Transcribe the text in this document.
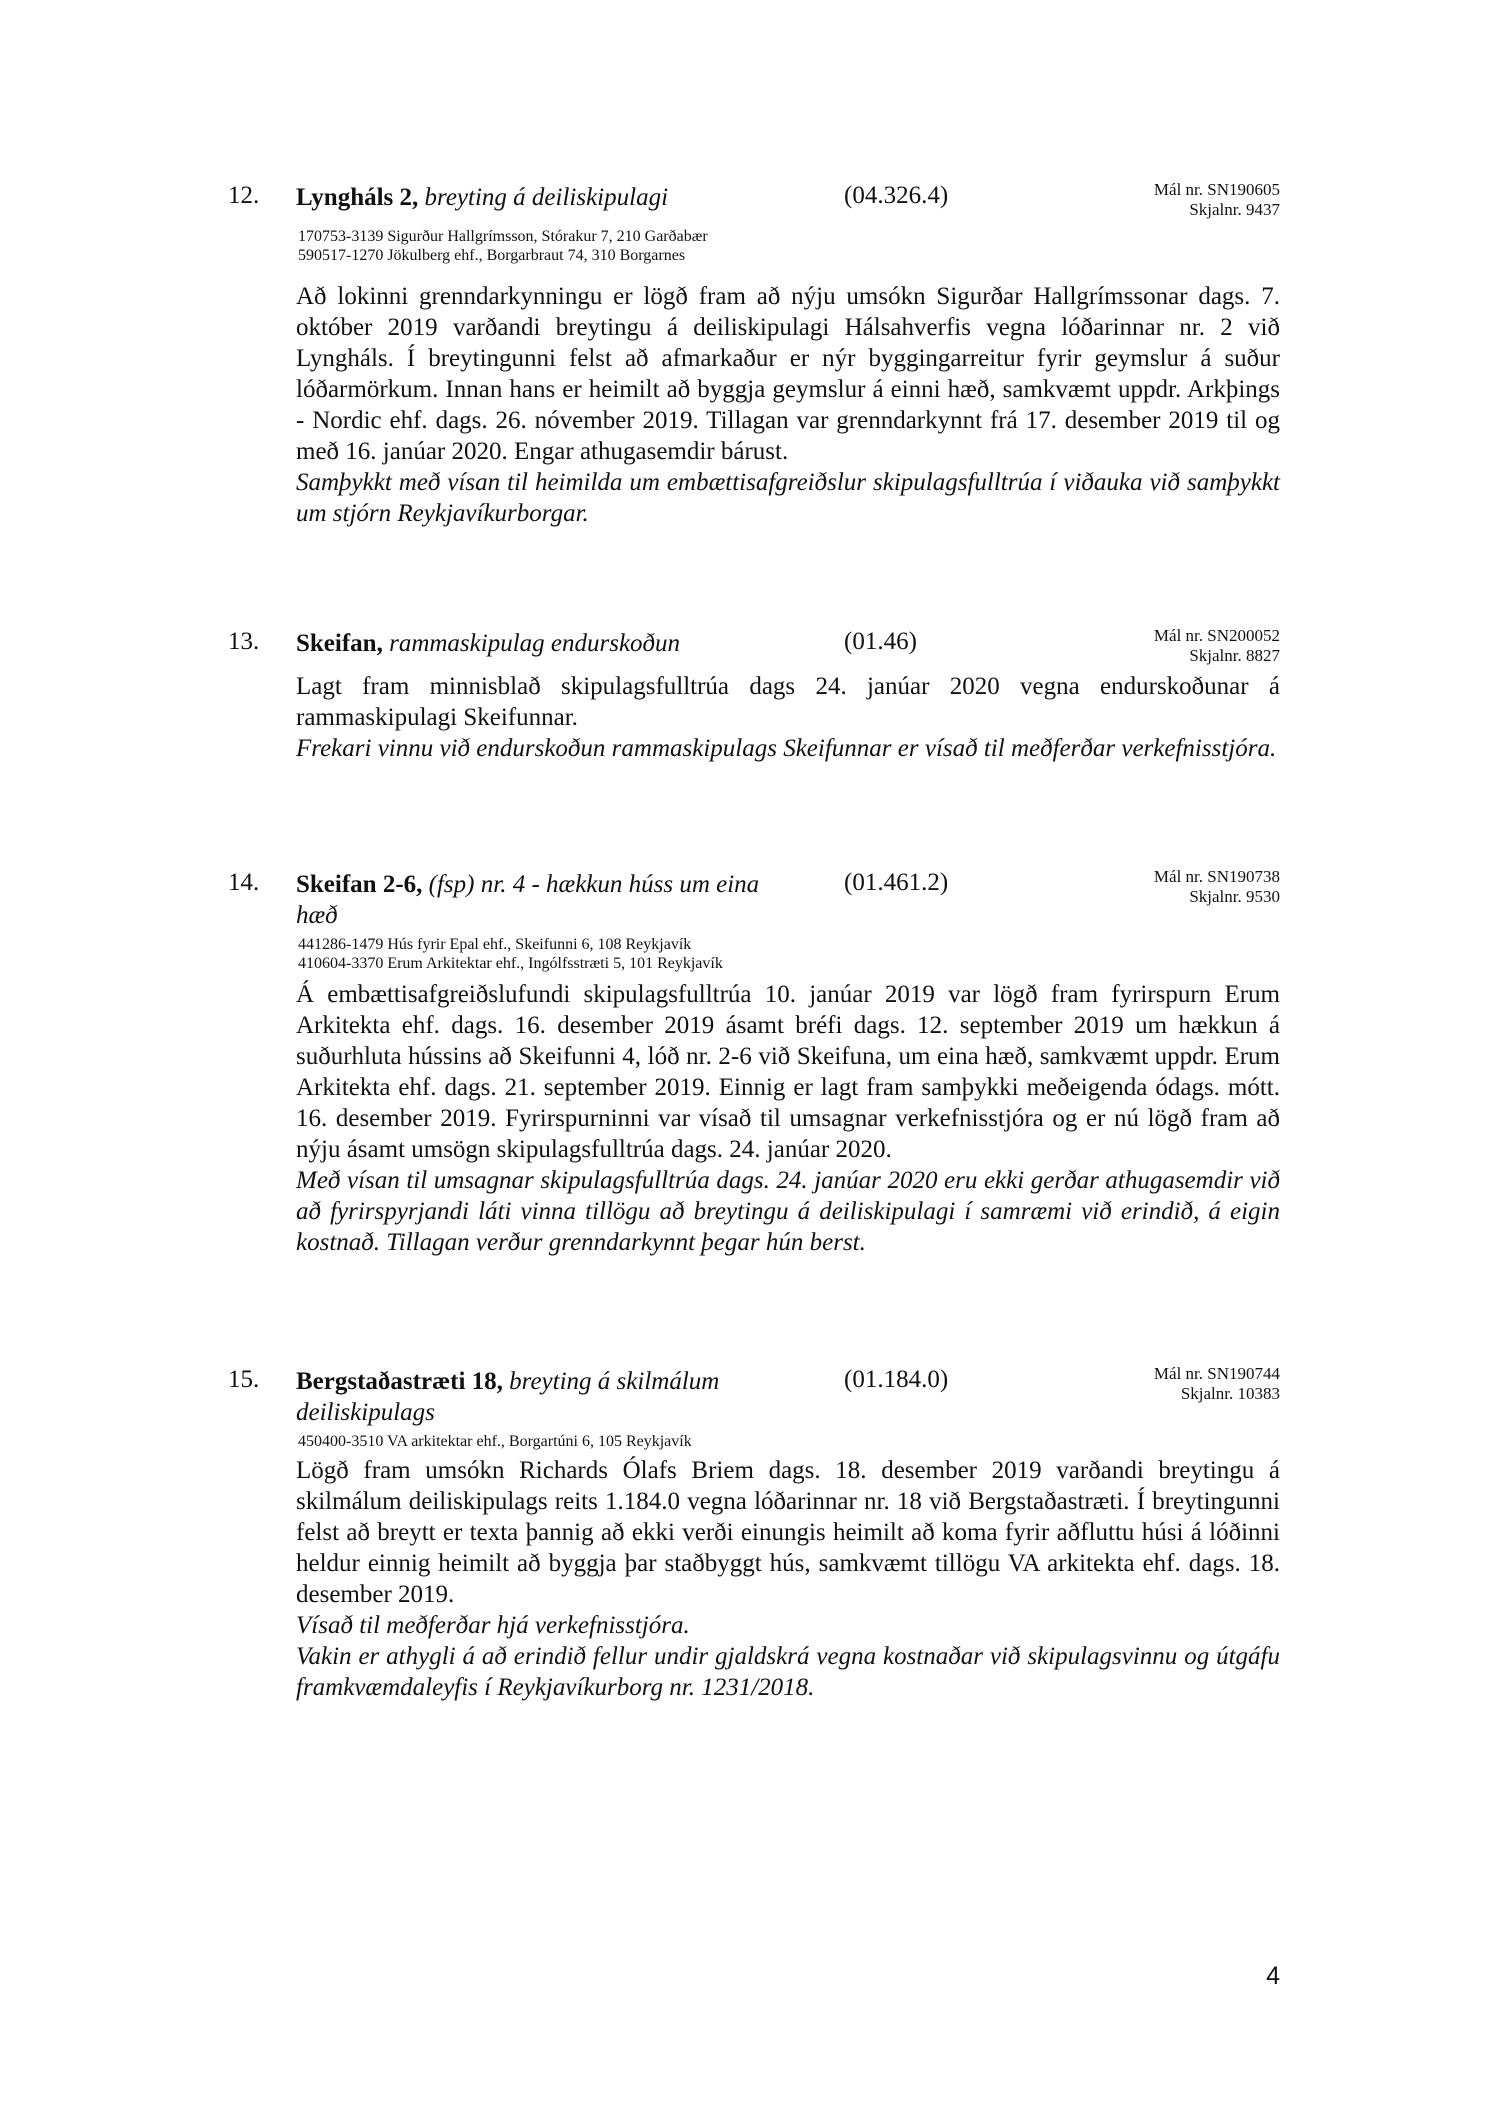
12. Lyngháls 2, breyting á deiliskipulagi	(04.326.4)	Mál nr. SN190605
Skjalnr. 9437
170753-3139 Sigurður Hallgrímsson, Stórakur 7, 210 Garðabær
590517-1270 Jökulberg ehf., Borgarbraut 74, 310 Borgarnes

Að lokinni grenndarkynningu er lögð fram að nýju umsókn Sigurðar Hallgrímssonar dags. 7. október 2019 varðandi breytingu á deiliskipulagi Hálsahverfis vegna lóðarinnar nr. 2 við Lyngháls. Í breytingunni felst að afmarkaður er nýr byggingarreitur fyrir geymslur á suður lóðarmörkum. Innan hans er heimilt að byggja geymslur á einni hæð, samkvæmt uppdr. Arkþings - Nordic ehf. dags. 26. nóvember 2019. Tillagan var grenndarkynnt frá 17. desember 2019 til og með 16. janúar 2020. Engar athugasemdir bárust.

Samþykkt með vísan til heimilda um embættisafgreiðslur skipulagsfulltrúa í viðauka við samþykkt um stjórn Reykjavíkurborgar.

13. Skeifan, rammaskipulag endurskoðun	(01.46)	Mál nr. SN200052
Skjalnr. 8827

Lagt fram minnisblað skipulagsfulltrúa dags 24. janúar 2020 vegna endurskoðunar á rammaskipulagi Skeifunnar.

Frekari vinnu við endurskoðun rammaskipulags Skeifunnar er vísað til meðferðar verkefnisstjóra.

14. Skeifan 2-6, (fsp) nr. 4 - hækkun húss um eina hæð
(01.461.2)	Mál nr. SN190738
Skjalnr. 9530
441286-1479 Hús fyrir Epal ehf., Skeifunni 6, 108 Reykjavík
410604-3370 Erum Arkitektar ehf., Ingólfsstræti 5, 101 Reykjavík

Á embættisafgreiðslufundi skipulagsfulltrúa 10. janúar 2019 var lögð fram fyrirspurn Erum Arkitekta ehf. dags. 16. desember 2019 ásamt bréfi dags. 12. september 2019 um hækkun á suðurhluta hússins að Skeifunni 4, lóð nr. 2-6 við Skeifuna, um eina hæð, samkvæmt uppdr. Erum Arkitekta ehf. dags. 21. september 2019. Einnig er lagt fram samþykki meðeigenda ódags. mótt. 16. desember 2019. Fyrirspurninni var vísað til umsagnar verkefnisstjóra og er nú lögð fram að nýju ásamt umsögn skipulagsfulltrúa dags. 24. janúar 2020.

Með vísan til umsagnar skipulagsfulltrúa dags. 24. janúar 2020 eru ekki gerðar athugasemdir við að fyrirspyrjandi láti vinna tillögu að breytingu á deiliskipulagi í samræmi við erindið, á eigin kostnað. Tillagan verður grenndarkynnt þegar hún berst.

15. Bergstaðastræti 18, breyting á skilmálum deiliskipulags
(01.184.0)	Mál nr. SN190744
Skjalnr. 10383
450400-3510 VA arkitektar ehf., Borgartúni 6, 105 Reykjavík

Lögð fram umsókn Richards Ólafs Briem dags. 18. desember 2019 varðandi breytingu á skilmálum deiliskipulags reits 1.184.0 vegna lóðarinnar nr. 18 við Bergstaðastræti. Í breytingunni felst að breytt er texta þannig að ekki verði einungis heimilt að koma fyrir aðfluttu húsi á lóðinni heldur einnig heimilt að byggja þar staðbyggt hús, samkvæmt tillögu VA arkitekta ehf. dags. 18. desember 2019.

Vísað til meðferðar hjá verkefnisstjóra.

Vakin er athygli á að erindið fellur undir gjaldskrá vegna kostnaðar við skipulagsvinnu og útgáfu framkvæmdaleyfis í Reykjavíkurborg nr. 1231/2018.

4
